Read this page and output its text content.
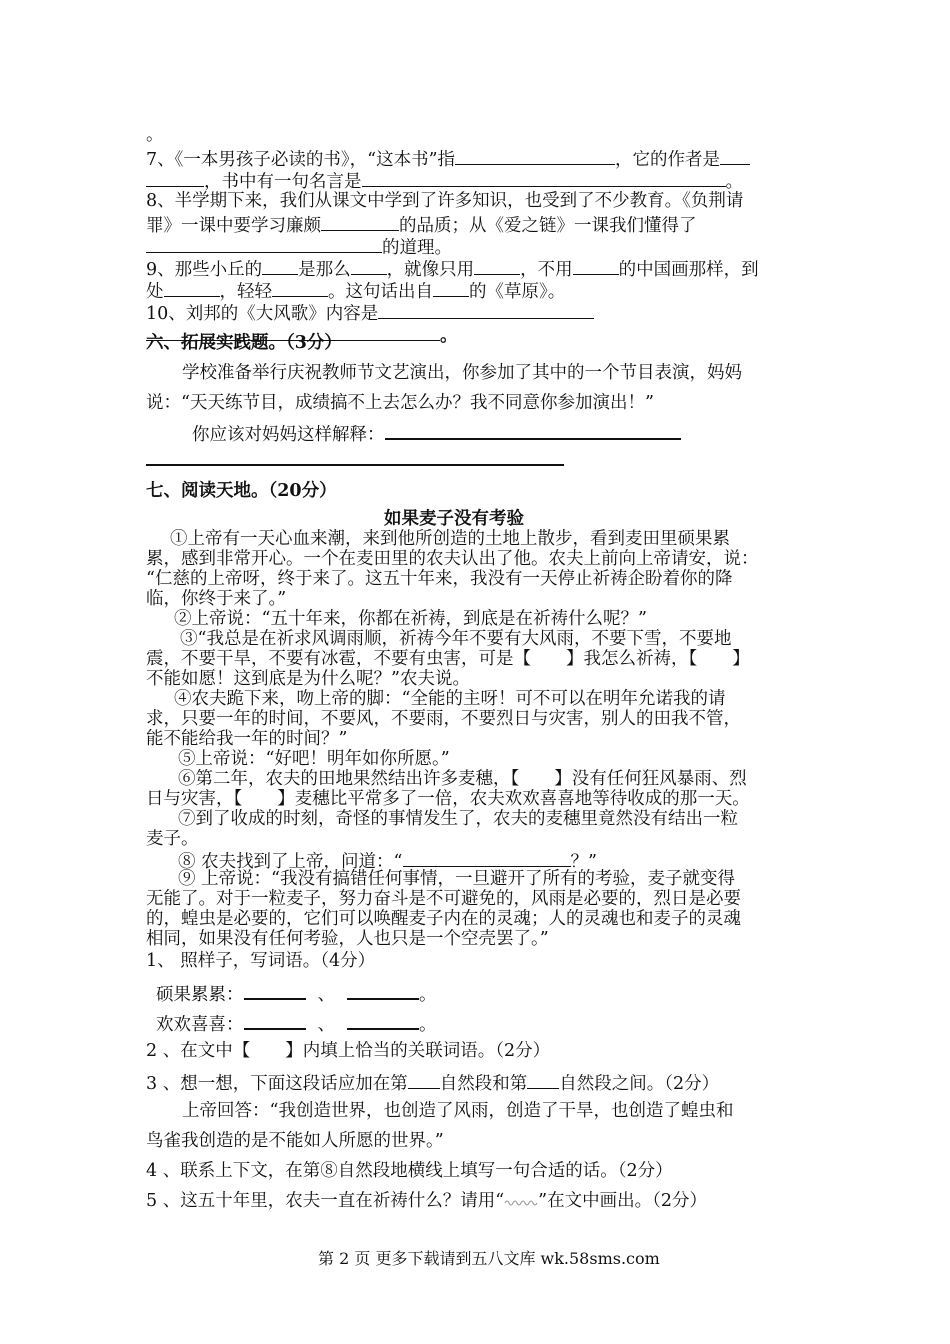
。
7、《一本男孩子必读的书》，“这本书”指	，它的作者是
，书中有一句名言是	。
8、半学期下来，我们从课文中学到了许多知识，也受到了不少教育。《负荆请
罪》一课中要学习廉颇	的品质；从《爱之链》一课我们懂得了
的道理。
9、那些小丘的 是那么 ，就像只用	，不用	的中国画那样，到
处	，轻轻	。这句话出自 的《草原》。
10、刘邦的《大风歌》内容是
。
六、拓展实践题。（3分）
学校准备举行庆祝教师节文艺演出，你参加了其中的一个节目表演，妈妈
说：“天天练节目，成绩搞不上去怎么办？我不同意你参加演出！”
你应该对妈妈这样解释：
七、阅读天地。（20分）
如果麦子没有考验
①上帝有一天心血来潮，来到他所创造的土地上散步，看到麦田里硕果累
累，感到非常开心。一个在麦田里的农夫认出了他。农夫上前向上帝请安，说：
“仁慈的上帝呀，终于来了。这五十年来，我没有一天停止祈祷企盼着你的降
临，你终于来了。”
②上帝说：“五十年来，你都在祈祷，到底是在祈祷什么呢？”
③“我总是在祈求风调雨顺，祈祷今年不要有大风雨，不要下雪，不要地
震，不要干旱，不要有冰雹，不要有虫害，可是【　　】我怎么祈祷，【　　】
不能如愿！这到底是为什么呢？”农夫说。
④农夫跪下来，吻上帝的脚：“全能的主呀！可不可以在明年允诺我的请
求，只要一年的时间，不要风，不要雨，不要烈日与灾害，别人的田我不管，
能不能给我一年的时间？”
⑤上帝说：“好吧！明年如你所愿。”
⑥第二年，农夫的田地果然结出许多麦穗，【　　】没有任何狂风暴雨、烈
日与灾害，【　　】麦穗比平常多了一倍，农夫欢欢喜喜地等待收成的那一天。
⑦到了收成的时刻，奇怪的事情发生了，农夫的麦穗里竟然没有结出一粒
麦子。
⑧ 农夫找到了上帝，问道：“	？”
⑨ 上帝说：“我没有搞错任何事情，一旦避开了所有的考验，麦子就变得
无能了。对于一粒麦子，努力奋斗是不可避免的，风雨是必要的，烈日是必要
的，蝗虫是必要的，它们可以唤醒麦子内在的灵魂；人的灵魂也和麦子的灵魂
相同，如果没有任何考验，人也只是一个空壳罢了。”
1、 照样子，写词语。（4分）
硕果累累：	、	。
欢欢喜喜：	、	。
2 、在文中【　　】内填上恰当的关联词语。（2分）
3 、想一想，下面这段话应加在第 自然段和第 自然段之间。（2分）
上帝回答：“我创造世界，也创造了风雨，创造了干旱，也创造了蝗虫和
鸟雀我创造的是不能如人所愿的世界。”
4 、联系上下文，在第⑧自然段地横线上填写一句合适的话。（2分）
5 、这五十年里，农夫一直在祈祷什么？请用“ ”在文中画出。（2分）
第 2 页 更多下载请到五八文库 wk.58sms.com
